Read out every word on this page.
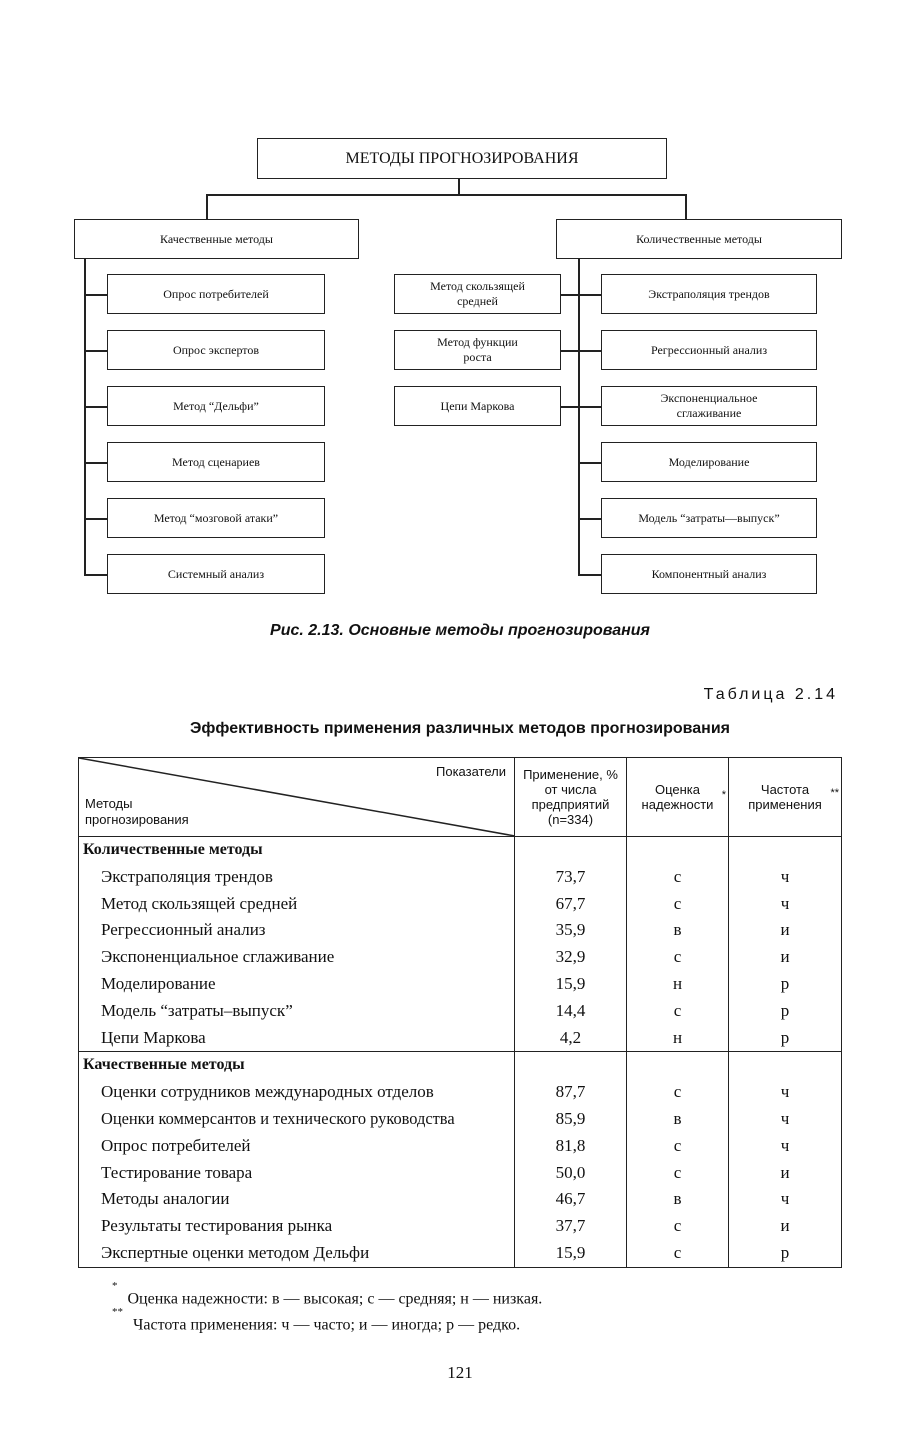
МЕТОДЫ ПРОГНОЗИРОВАНИЯ
Качественные методы	Количественные методы
Опрос потребителей
Опрос экспертов
Метод “Дельфи”
Метод сценариев
Метод “мозговой атаки”
Системный анализ
Экстраполяция трендов
Регрессионный анализ
Экспоненциальное сглаживание
Моделирование
Модель “затраты—выпуск”
Компонентный анализ
Метод скользящей средней
Метод функции роста
Цепи Маркова
Рис. 2.13. Основные методы прогнозирования
Таблица 2.14
Эффективность применения различных методов прогнозирования
Показатели
Методы
прогнозирования
Применение, % от числа предприятий (n=334)
Оценка надежности
*	Частота применения
**
Количественные методы
Экстраполяция трендов
Метод скользящей средней
Регрессионный анализ
Экспоненциальное сглаживание
Моделирование
Модель “затраты–выпуск”
Цепи Маркова
73,7
67,7
35,9
32,9
15,9
14,4
4,2
с
с
в
с
н
с
н
ч
ч
и
и
р
р
р
Качественные методы
Оценки сотрудников международных отделов
Оценки коммерсантов и технического руководства
Опрос потребителей
Тестирование товара
Методы аналогии
Результаты тестирования рынка
Экспертные оценки методом Дельфи
87,7
85,9
81,8
50,0
46,7
37,7
15,9
с
в
с
с
в
с
с
ч
ч
ч
и
ч
и
р
*Оценка надежности: в — высокая; с — средняя; н — низкая.
**Частота применения: ч — часто; и — иногда; р — редко.
121
